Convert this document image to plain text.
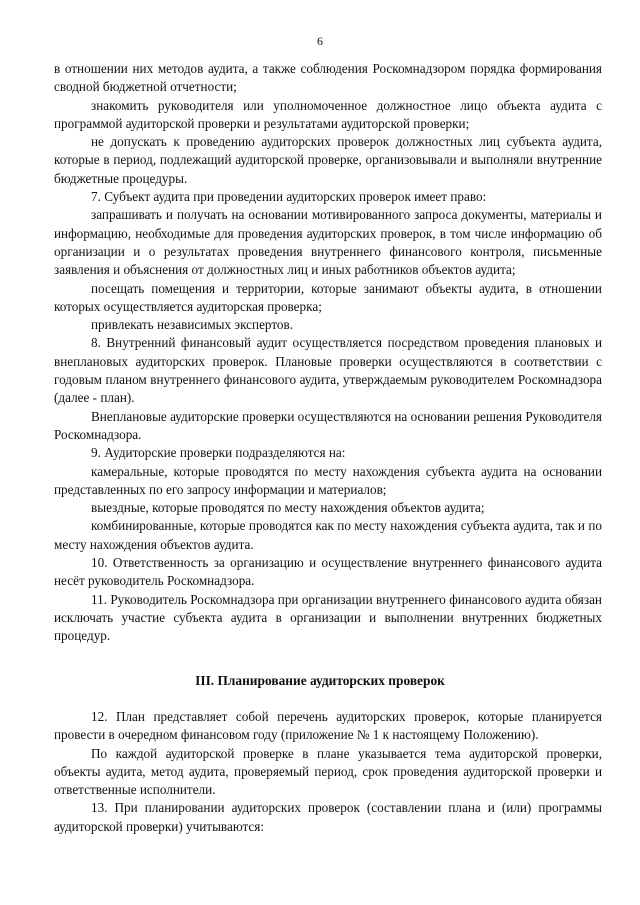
6

в отношении них методов аудита, а также соблюдения Роскомнадзором порядка формирования сводной бюджетной отчетности;

знакомить руководителя или уполномоченное должностное лицо объекта аудита с программой аудиторской проверки и результатами аудиторской проверки;

не допускать к проведению аудиторских проверок должностных лиц субъекта аудита, которые в период, подлежащий аудиторской проверке, организовывали и выполняли внутренние бюджетные процедуры.

7. Субъект аудита при проведении аудиторских проверок имеет право:

запрашивать и получать на основании мотивированного запроса документы, материалы и информацию, необходимые для проведения аудиторских проверок, в том числе информацию об организации и о результатах проведения внутреннего финансового контроля, письменные заявления и объяснения от должностных лиц и иных работников объектов аудита;

посещать помещения и территории, которые занимают объекты аудита, в отношении которых осуществляется аудиторская проверка;

привлекать независимых экспертов.

8. Внутренний финансовый аудит осуществляется посредством проведения плановых и внеплановых аудиторских проверок. Плановые проверки осуществляются в соответствии с годовым планом внутреннего финансового аудита, утверждаемым руководителем Роскомнадзора (далее - план).

Внеплановые аудиторские проверки осуществляются на основании решения Руководителя Роскомнадзора.

9. Аудиторские проверки подразделяются на:

камеральные, которые проводятся по месту нахождения субъекта аудита на основании представленных по его запросу информации и материалов;

выездные, которые проводятся по месту нахождения объектов аудита;

комбинированные, которые проводятся как по месту нахождения субъекта аудита, так и по месту нахождения объектов аудита.

10. Ответственность за организацию и осуществление внутреннего финансового аудита несёт руководитель Роскомнадзора.

11. Руководитель Роскомнадзора при организации внутреннего финансового аудита обязан исключать участие субъекта аудита в организации и выполнении внутренних бюджетных процедур.

III. Планирование аудиторских проверок

12. План представляет собой перечень аудиторских проверок, которые планируется провести в очередном финансовом году (приложение № 1 к настоящему Положению).

По каждой аудиторской проверке в плане указывается тема аудиторской проверки, объекты аудита, метод аудита, проверяемый период, срок проведения аудиторской проверки и ответственные исполнители.

13. При планировании аудиторских проверок (составлении плана и (или) программы аудиторской проверки) учитываются:
